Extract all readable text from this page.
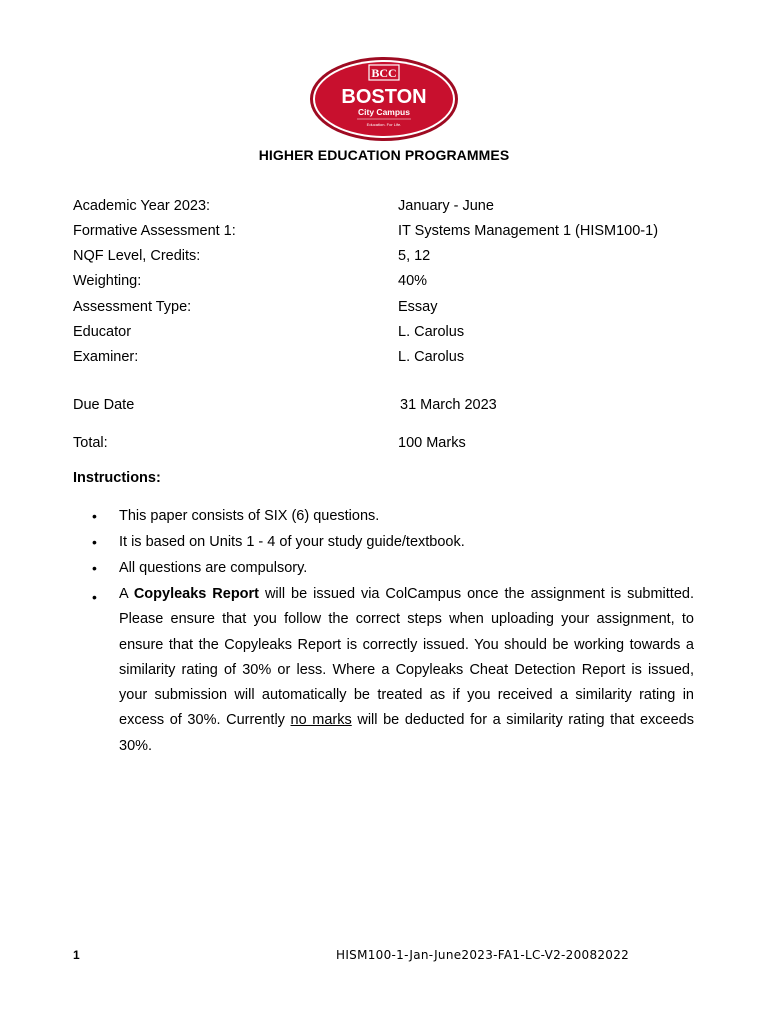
BCC
BOSTON
City Campus
Education. For Life.
HIGHER EDUCATION PROGRAMMES
Academic Year 2023:	January - June
Formative Assessment 1:	IT Systems Management 1 (HISM100-1)
NQF Level, Credits:	5, 12
Weighting:	40%
Assessment Type:	Essay
Educator	L. Carolus
Examiner:	L. Carolus
Due Date	31 March 2023
Total:	100 Marks
Instructions:
• This paper consists of SIX (6) questions.
• It is based on Units 1 - 4 of your study guide/textbook.
• All questions are compulsory.
• A Copyleaks Report will be issued via ColCampus once the assignment is submitted. Please ensure that you follow the correct steps when uploading your assignment, to ensure that the Copyleaks Report is correctly issued. You should be working towards a similarity rating of 30% or less. Where a Copyleaks Cheat Detection Report is issued, your submission will automatically be treated as if you received a similarity rating in excess of 30%. Currently no marks will be deducted for a similarity rating that exceeds 30%.
1	HISM100-1-Jan-June2023-FA1-LC-V2-20082022
